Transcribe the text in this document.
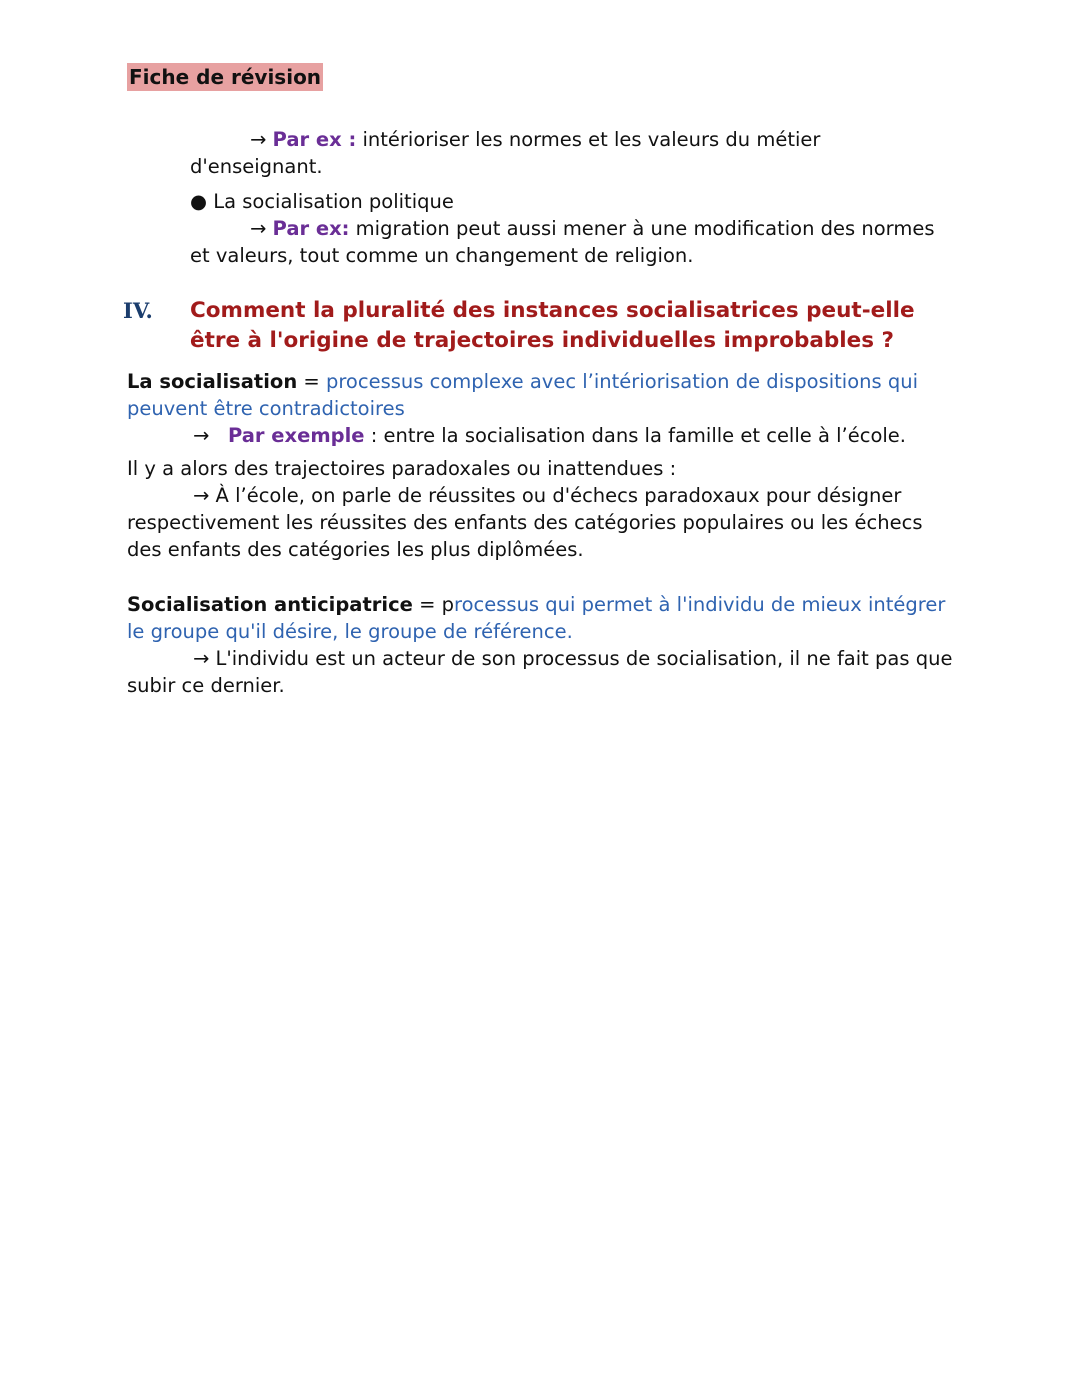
Fiche de révision
→ Par ex : intérioriser les normes et les valeurs du métier
d'enseignant.
● La socialisation politique
→ Par ex: migration peut aussi mener à une modification des normes
et valeurs, tout comme un changement de religion.
IV. Comment la pluralité des instances socialisatrices peut-elle
être à l'origine de trajectoires individuelles improbables ?
La socialisation = processus complexe avec l’intériorisation de dispositions qui
peuvent être contradictoires
→ Par exemple : entre la socialisation dans la famille et celle à l’école.
Il y a alors des trajectoires paradoxales ou inattendues :
→ À l’école, on parle de réussites ou d'échecs paradoxaux pour désigner
respectivement les réussites des enfants des catégories populaires ou les échecs
des enfants des catégories les plus diplômées.
Socialisation anticipatrice = processus qui permet à l'individu de mieux intégrer
le groupe qu'il désire, le groupe de référence.
→ L'individu est un acteur de son processus de socialisation, il ne fait pas que
subir ce dernier.
